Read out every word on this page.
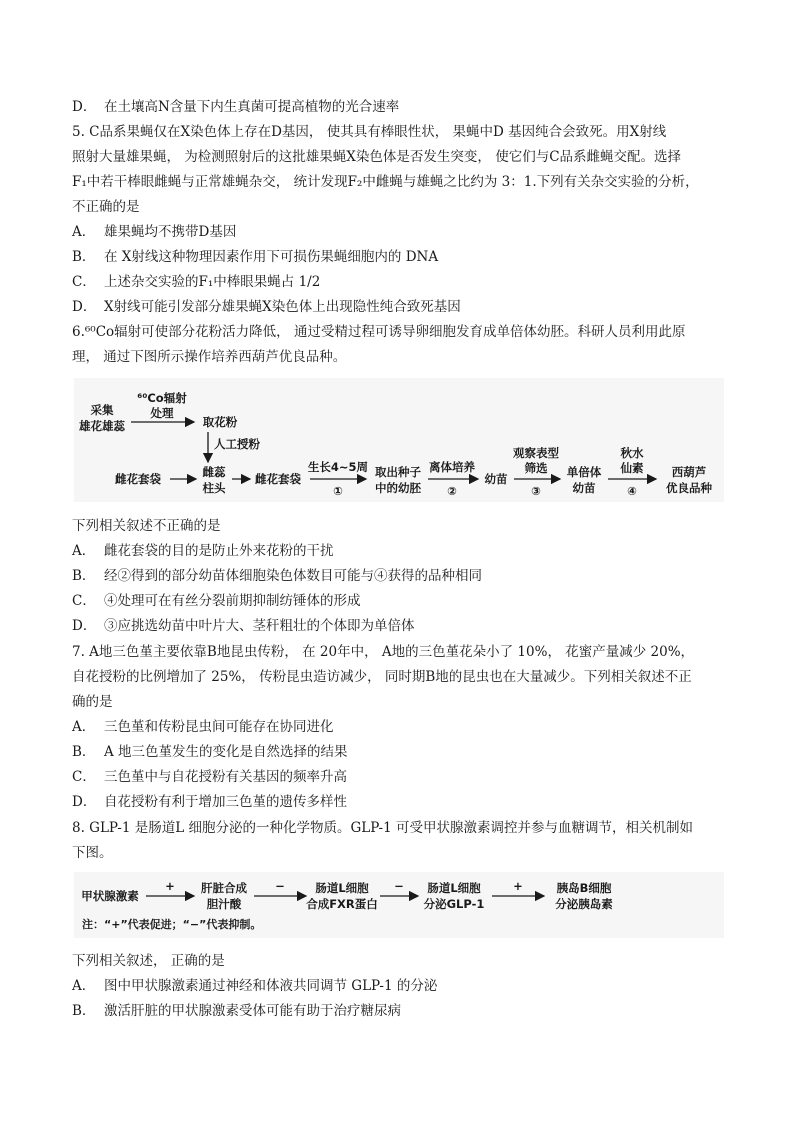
D． 在土壤高N含量下内生真菌可提高植物的光合速率
5. C品系果蝇仅在X染色体上存在D基因， 使其具有棒眼性状， 果蝇中D 基因纯合会致死。用X射线
照射大量雄果蝇， 为检测照射后的这批雄果蝇X染色体是否发生突变， 使它们与C品系雌蝇交配。选择
F₁中若干棒眼雌蝇与正常雄蝇杂交， 统计发现F₂中雌蝇与雄蝇之比约为 3：1.下列有关杂交实验的分析，
不正确的是
A． 雄果蝇均不携带D基因
B． 在 X射线这种物理因素作用下可损伤果蝇细胞内的 DNA
C． 上述杂交实验的F₁中棒眼果蝇占 1/2
D． X射线可能引发部分雄果蝇X染色体上出现隐性纯合致死基因
6.⁶⁰Co辐射可使部分花粉活力降低， 通过受精过程可诱导卵细胞发育成单倍体幼胚。科研人员利用此原
理， 通过下图所示操作培养西葫芦优良品种。
采集
雄花雄蕊
⁶⁰Co辐射
处理
取花粉
人工授粉
雌花套袋	雌蕊
柱头
雌花套袋
生长4~5周
①
取出种子
中的幼胚
离体培养
②
幼苗
观察表型
筛选
③
单倍体
幼苗
秋水
仙素
④
西葫芦
优良品种
下列相关叙述不正确的是
A． 雌花套袋的目的是防止外来花粉的干扰
B． 经②得到的部分幼苗体细胞染色体数目可能与④获得的品种相同
C． ④处理可在有丝分裂前期抑制纺锤体的形成
D． ③应挑选幼苗中叶片大、茎秆粗壮的个体即为单倍体
7. A地三色堇主要依靠B地昆虫传粉， 在 20年中， A地的三色堇花朵小了 10%， 花蜜产量减少 20%，
自花授粉的比例增加了 25%， 传粉昆虫造访减少， 同时期B地的昆虫也在大量减少。下列相关叙述不正
确的是
A． 三色堇和传粉昆虫间可能存在协同进化
B． A 地三色堇发生的变化是自然选择的结果
C． 三色堇中与自花授粉有关基因的频率升高
D． 自花授粉有利于增加三色堇的遗传多样性
8. GLP-1 是肠道L 细胞分泌的一种化学物质。GLP-1 可受甲状腺激素调控并参与血糖调节，相关机制如
下图。
甲状腺激素
+ 肝脏合成
胆汁酸
−	肠道L细胞
合成FXR蛋白
− 肠道L细胞
分泌GLP-1
+	胰岛B细胞
分泌胰岛素
注：“+”代表促进；“−”代表抑制。
下列相关叙述， 正确的是
A． 图中甲状腺激素通过神经和体液共同调节 GLP-1 的分泌
B． 激活肝脏的甲状腺激素受体可能有助于治疗糖尿病
